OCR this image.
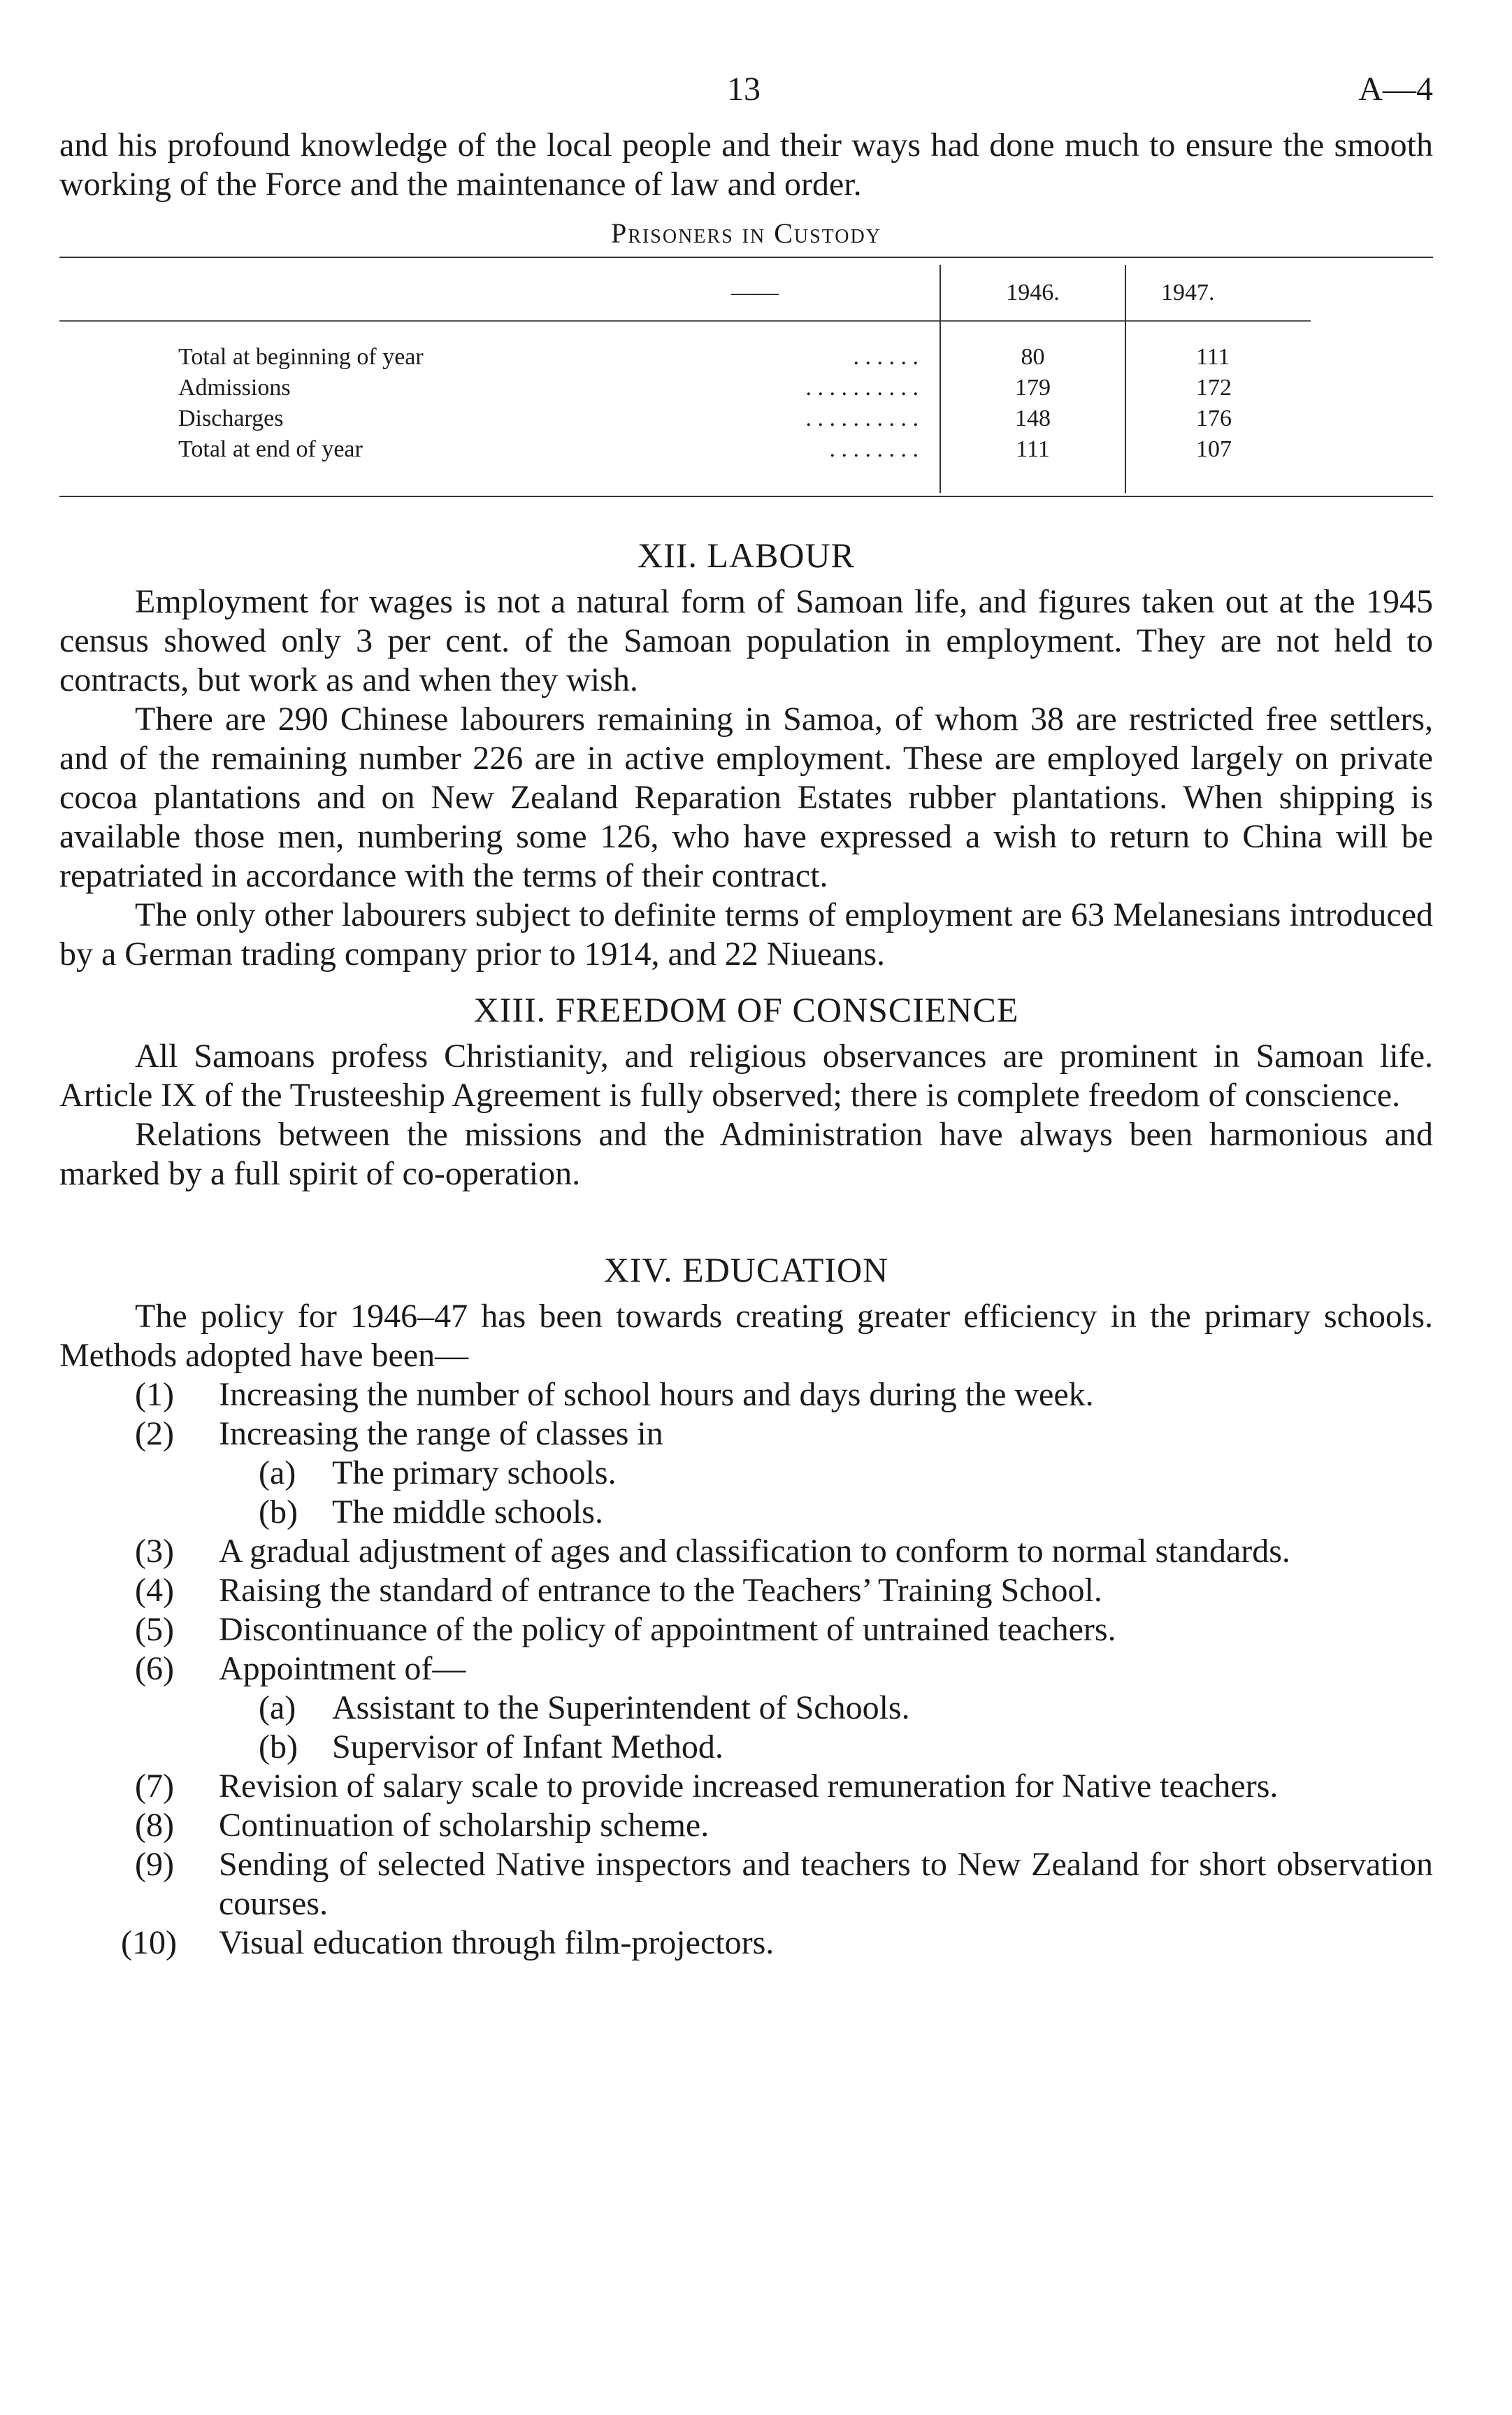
13	A—4

and his profound knowledge of the local people and their ways had done much to ensure the smooth working of the Force and the maintenance of law and order.

Prisoners in Custody
——	1946.	1947.	

Total at beginning of year . . . . . .	80	111	
Admissions . . . . . . . . . .	179	172	
Discharges . . . . . . . . . .	148	176	
Total at end of year . . . . . . . .	111	107	

XII. LABOUR

Employment for wages is not a natural form of Samoan life, and figures taken out at the 1945 census showed only 3 per cent. of the Samoan population in employment. They are not held to contracts, but work as and when they wish.

There are 290 Chinese labourers remaining in Samoa, of whom 38 are restricted free settlers, and of the remaining number 226 are in active employment. These are employed largely on private cocoa plantations and on New Zealand Reparation Estates rubber plantations. When shipping is available those men, numbering some 126, who have expressed a wish to return to China will be repatriated in accordance with the terms of their contract.

The only other labourers subject to definite terms of employment are 63 Melanesians introduced by a German trading company prior to 1914, and 22 Niueans.

XIII. FREEDOM OF CONSCIENCE

All Samoans profess Christianity, and religious observances are prominent in Samoan life. Article IX of the Trusteeship Agreement is fully observed; there is complete freedom of conscience.

Relations between the missions and the Administration have always been harmonious and marked by a full spirit of co-operation.

XIV. EDUCATION

The policy for 1946–47 has been towards creating greater efficiency in the primary schools. Methods adopted have been—

(1) Increasing the number of school hours and days during the week.
(2) Increasing the range of classes in
(a) The primary schools.
(b) The middle schools.
(3) A gradual adjustment of ages and classification to conform to normal standards.
(4) Raising the standard of entrance to the Teachers’ Training School.
(5) Discontinuance of the policy of appointment of untrained teachers.
(6) Appointment of—
(a) Assistant to the Superintendent of Schools.
(b) Supervisor of Infant Method.
(7) Revision of salary scale to provide increased remuneration for Native teachers.
(8) Continuation of scholarship scheme.
(9) Sending of selected Native inspectors and teachers to New Zealand for short observation courses.
(10) Visual education through film-projectors.
